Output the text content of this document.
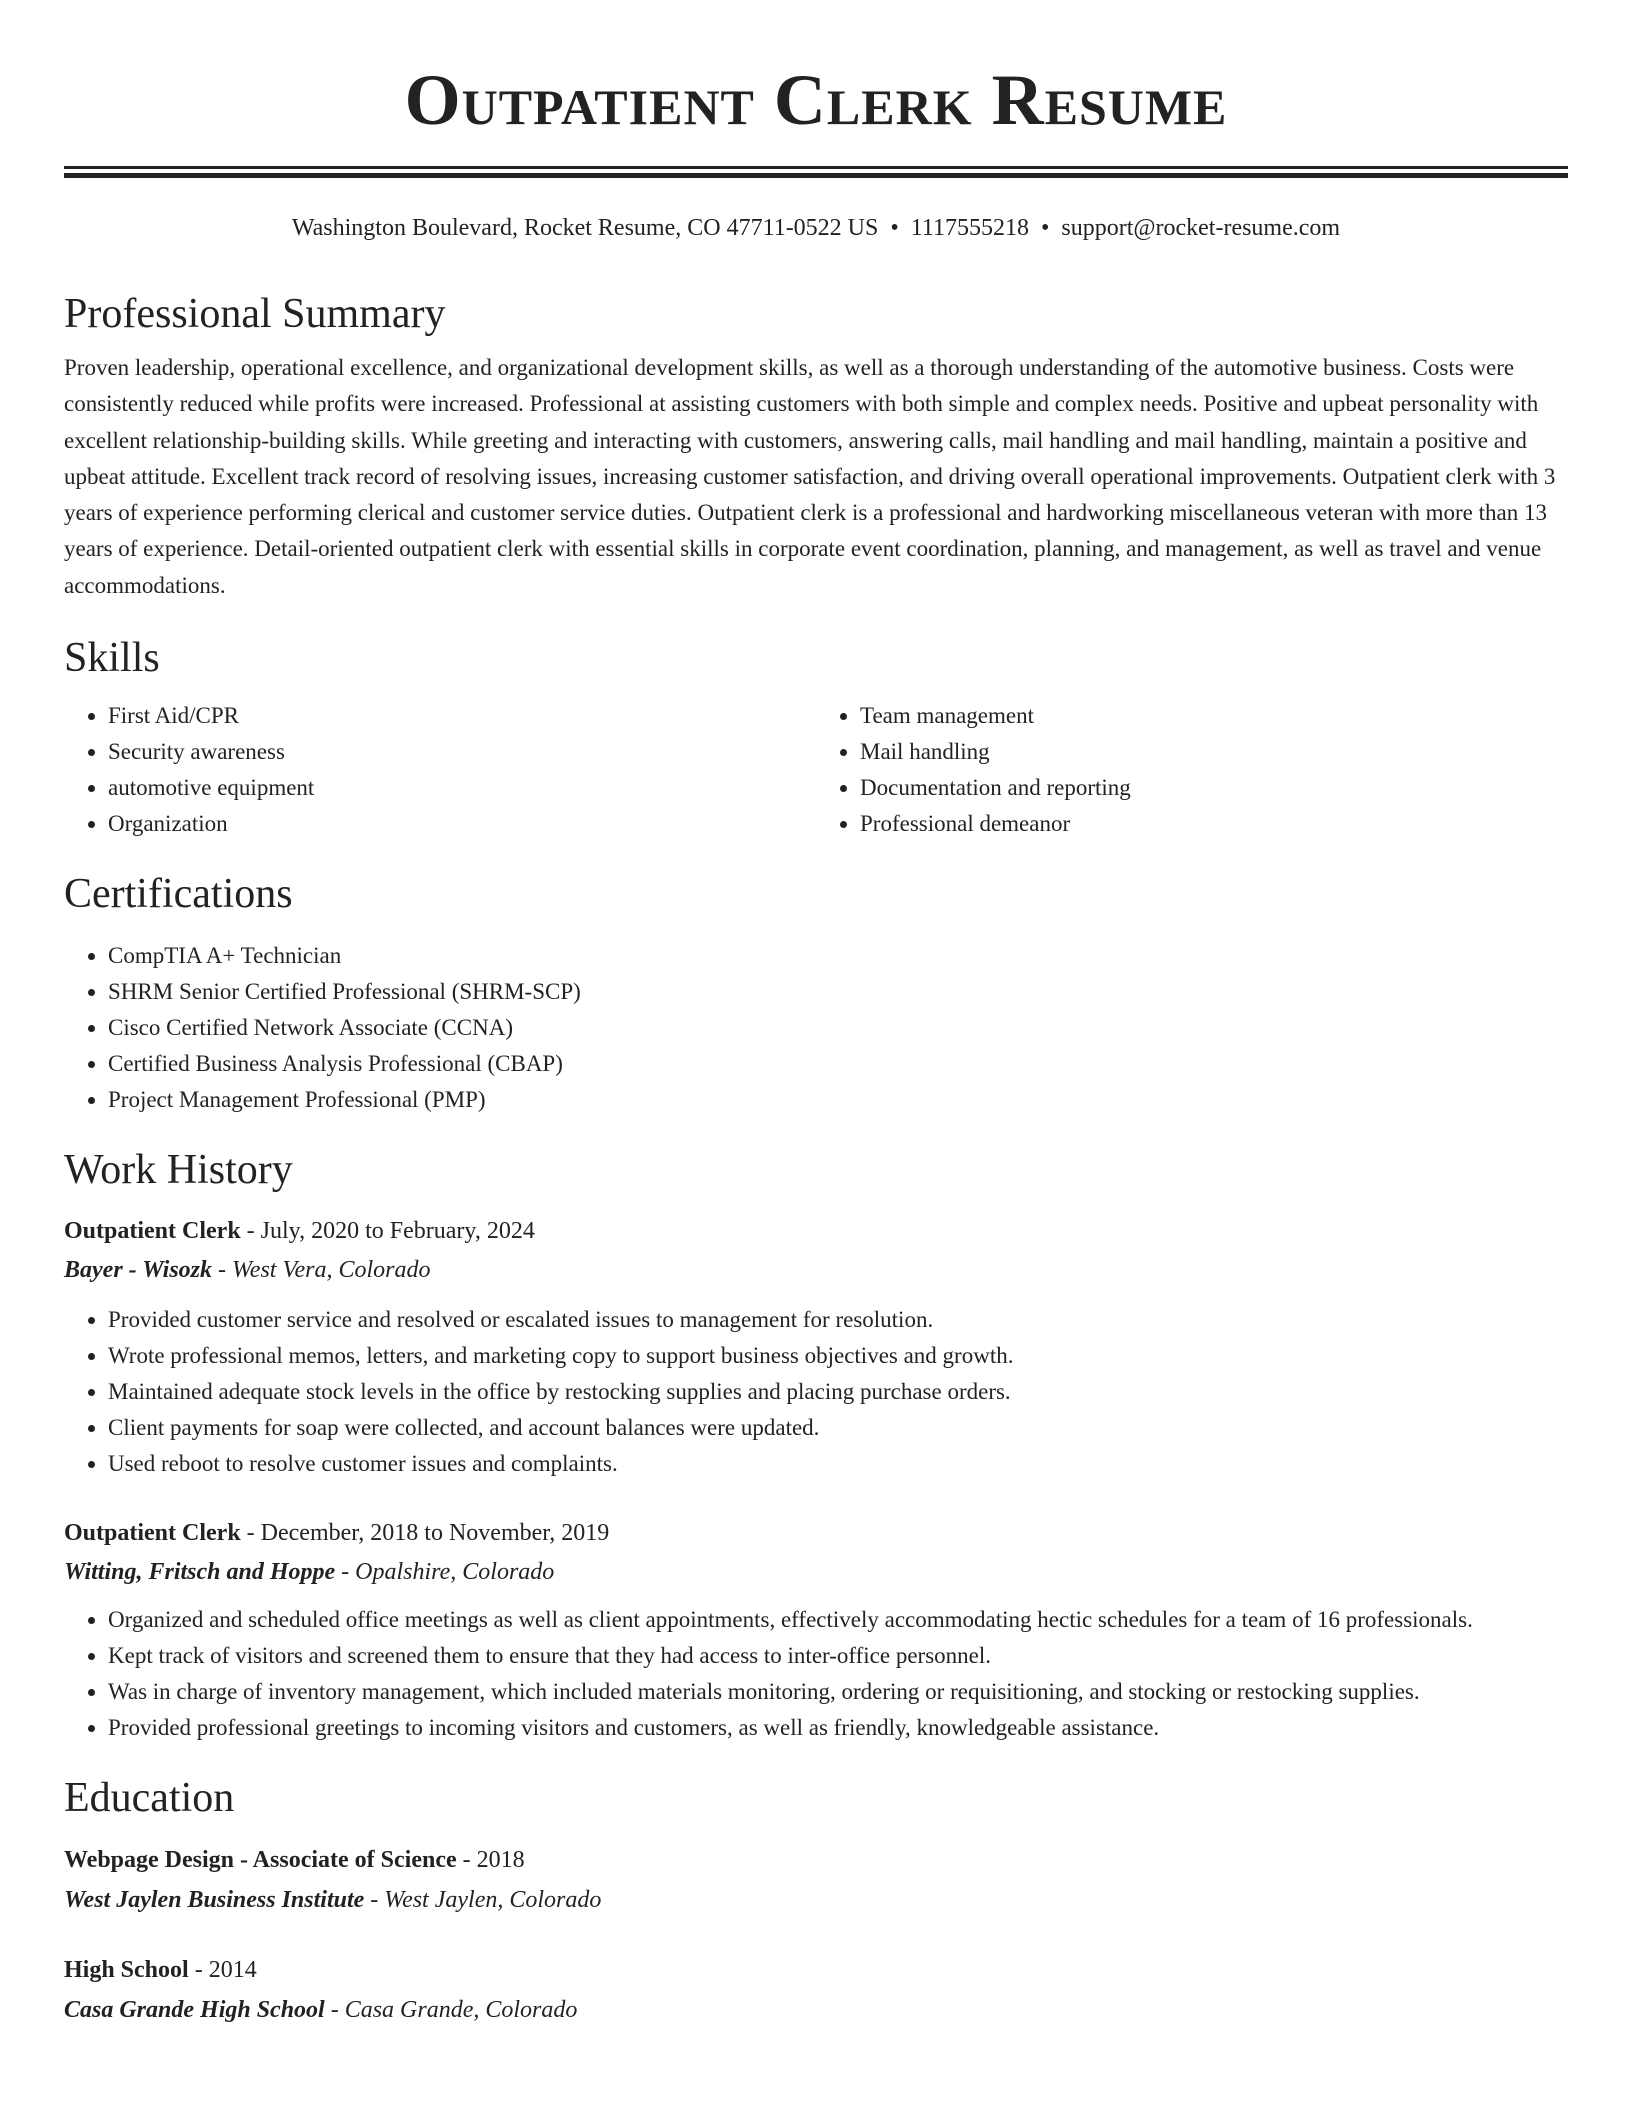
Outpatient Clerk Resume
Washington Boulevard, Rocket Resume, CO 47711-0522 US • 1117555218 • support@rocket-resume.com
Professional Summary

Proven leadership, operational excellence, and organizational development skills, as well as a thorough understanding of the automotive business. Costs were consistently reduced while profits were increased. Professional at assisting customers with both simple and complex needs. Positive and upbeat personality with excellent relationship-building skills. While greeting and interacting with customers, answering calls, mail handling and mail handling, maintain a positive and upbeat attitude. Excellent track record of resolving issues, increasing customer satisfaction, and driving overall operational improvements. Outpatient clerk with 3 years of experience performing clerical and customer service duties. Outpatient clerk is a professional and hardworking miscellaneous veteran with more than 13 years of experience. Detail-oriented outpatient clerk with essential skills in corporate event coordination, planning, and management, as well as travel and venue accommodations.

Skills
• First Aid/CPR
• Security awareness
• automotive equipment
• Organization
• Team management
• Mail handling
• Documentation and reporting
• Professional demeanor
Certifications
• CompTIA A+ Technician
• SHRM Senior Certified Professional (SHRM-SCP)
• Cisco Certified Network Associate (CCNA)
• Certified Business Analysis Professional (CBAP)
• Project Management Professional (PMP)
Work History
Outpatient Clerk - July, 2020 to February, 2024
Bayer - Wisozk - West Vera, Colorado
• Provided customer service and resolved or escalated issues to management for resolution.
• Wrote professional memos, letters, and marketing copy to support business objectives and growth.
• Maintained adequate stock levels in the office by restocking supplies and placing purchase orders.
• Client payments for soap were collected, and account balances were updated.
• Used reboot to resolve customer issues and complaints.
Outpatient Clerk - December, 2018 to November, 2019
Witting, Fritsch and Hoppe - Opalshire, Colorado
• Organized and scheduled office meetings as well as client appointments, effectively accommodating hectic schedules for a team of 16 professionals.
• Kept track of visitors and screened them to ensure that they had access to inter-office personnel.
• Was in charge of inventory management, which included materials monitoring, ordering or requisitioning, and stocking or restocking supplies.
• Provided professional greetings to incoming visitors and customers, as well as friendly, knowledgeable assistance.
Education
Webpage Design - Associate of Science - 2018
West Jaylen Business Institute - West Jaylen, Colorado
High School - 2014
Casa Grande High School - Casa Grande, Colorado
